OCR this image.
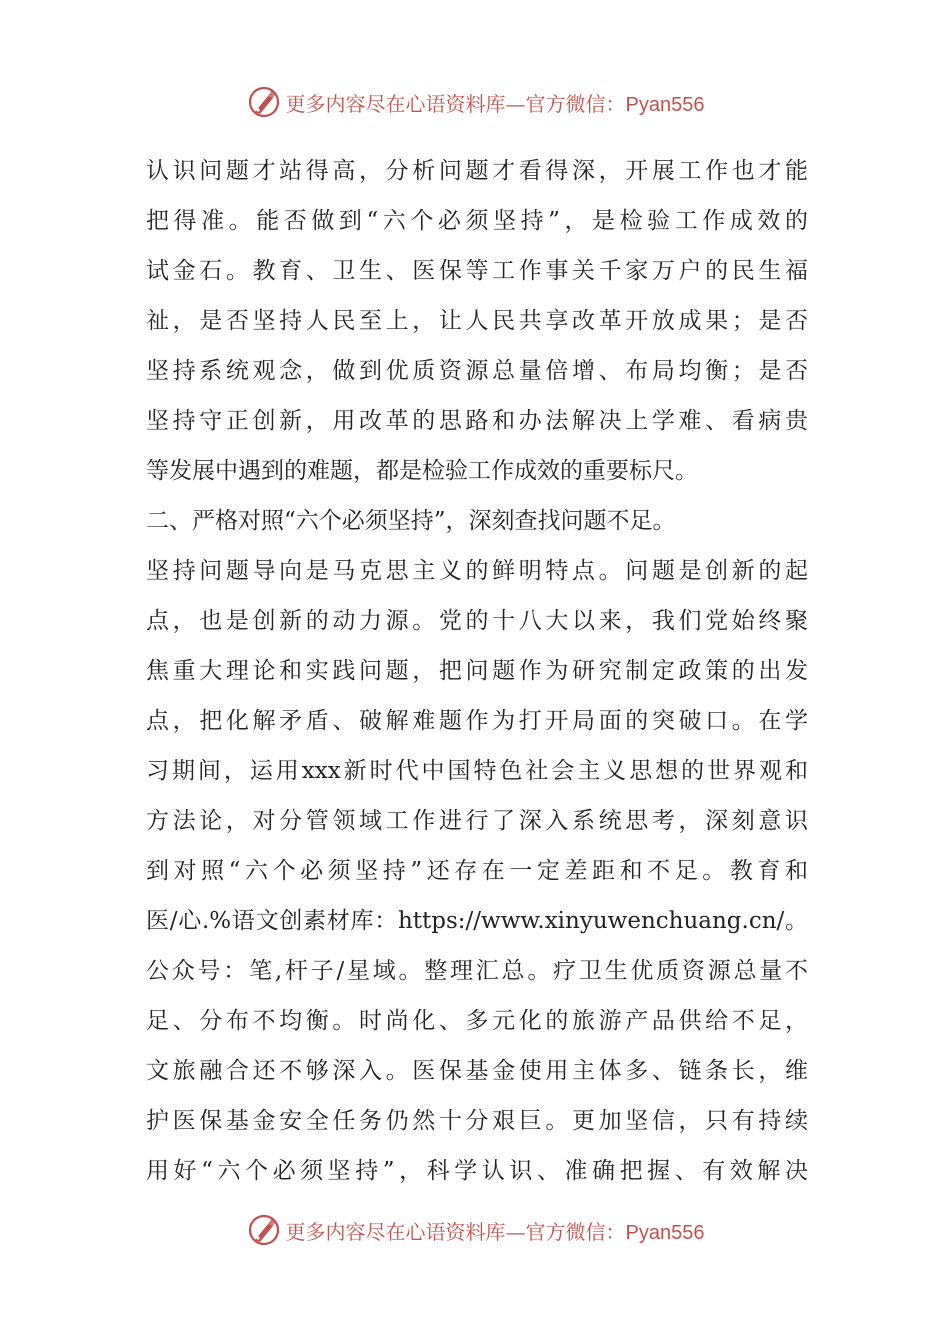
更多内容尽在心语资料库—官方微信：Pyan556
认识问题才站得高，分析问题才看得深，开展工作也才能
把得准。能否做到“六个必须坚持”，是检验工作成效的
试金石。教育、卫生、医保等工作事关千家万户的民生福
祉，是否坚持人民至上，让人民共享改革开放成果；是否
坚持系统观念，做到优质资源总量倍增、布局均衡；是否
坚持守正创新，用改革的思路和办法解决上学难、看病贵
等发展中遇到的难题，都是检验工作成效的重要标尺。
二、严格对照“六个必须坚持”，深刻查找问题不足。
坚持问题导向是马克思主义的鲜明特点。问题是创新的起
点，也是创新的动力源。党的十八大以来，我们党始终聚
焦重大理论和实践问题，把问题作为研究制定政策的出发
点，把化解矛盾、破解难题作为打开局面的突破口。在学
习期间，运用xxx新时代中国特色社会主义思想的世界观和
方法论，对分管领域工作进行了深入系统思考，深刻意识
到对照“六个必须坚持”还存在一定差距和不足。教育和
医/心.%语文创素材库：https://www.xinyuwenchuang.cn/。
公众号：笔,杆子/星域。整理汇总。疗卫生优质资源总量不
足、分布不均衡。时尚化、多元化的旅游产品供给不足，
文旅融合还不够深入。医保基金使用主体多、链条长，维
护医保基金安全任务仍然十分艰巨。更加坚信，只有持续
用好“六个必须坚持”，科学认识、准确把握、有效解决
更多内容尽在心语资料库—官方微信：Pyan556
